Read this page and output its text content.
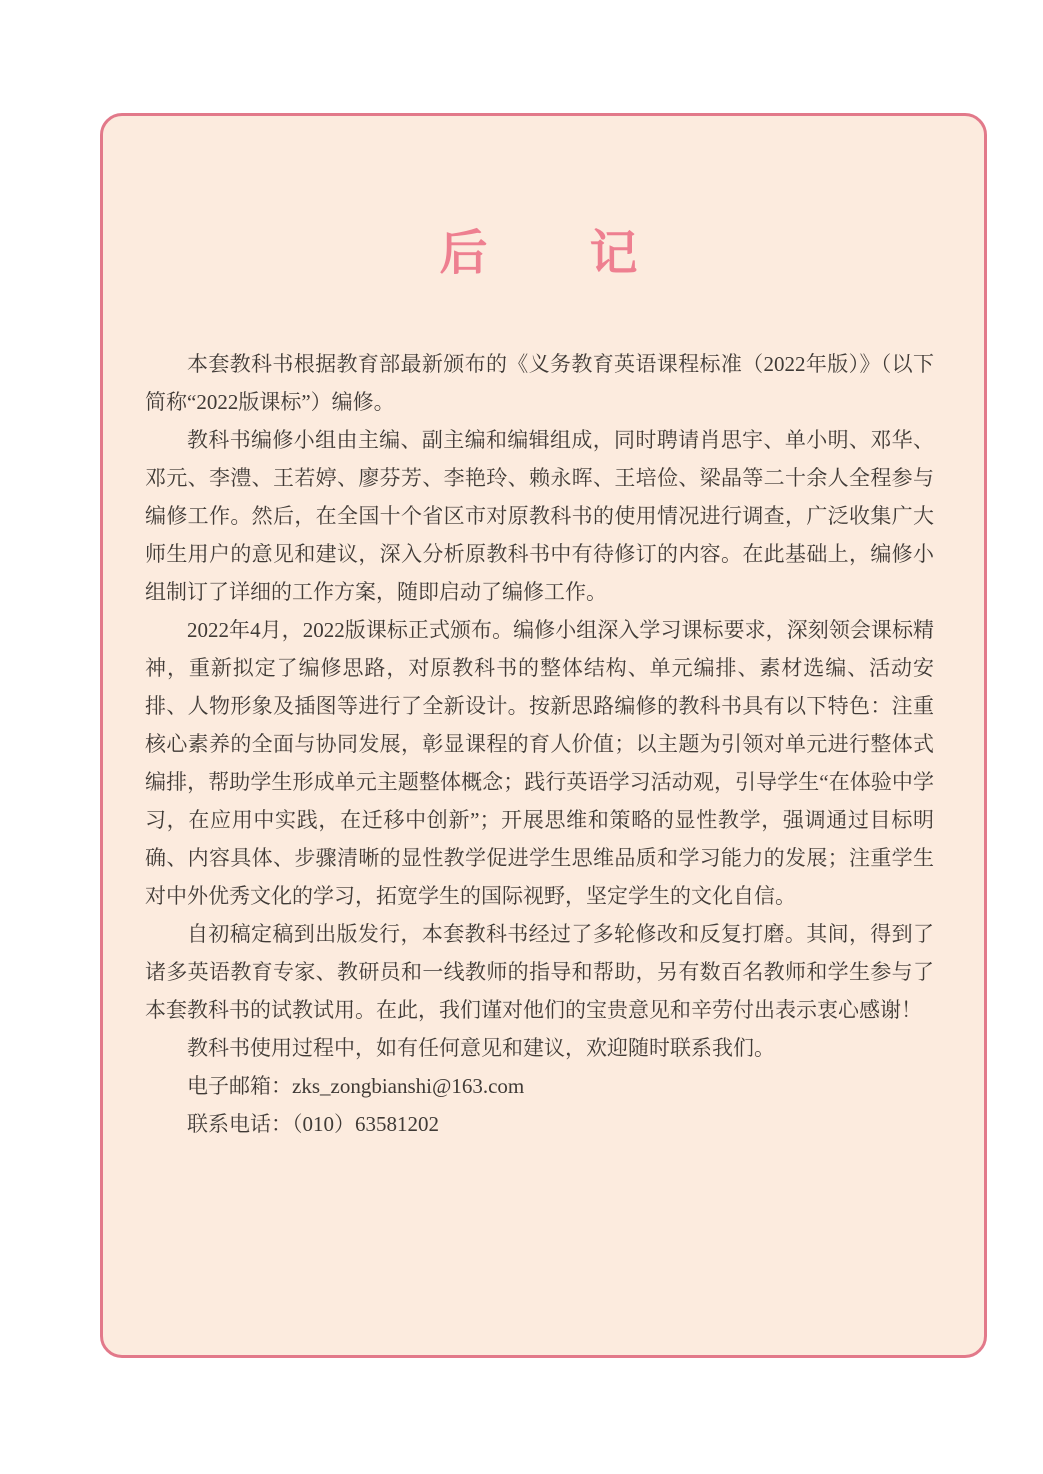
后　　记

本套教科书根据教育部最新颁布的《义务教育英语课程标准（2022年版）》（以下简称“2022版课标”）编修。

教科书编修小组由主编、副主编和编辑组成，同时聘请肖思宇、单小明、邓华、邓元、李澧、王若婷、廖芬芳、李艳玲、赖永晖、王培俭、梁晶等二十余人全程参与编修工作。然后，在全国十个省区市对原教科书的使用情况进行调查，广泛收集广大师生用户的意见和建议，深入分析原教科书中有待修订的内容。在此基础上，编修小组制订了详细的工作方案，随即启动了编修工作。

2022年4月，2022版课标正式颁布。编修小组深入学习课标要求，深刻领会课标精神，重新拟定了编修思路，对原教科书的整体结构、单元编排、素材选编、活动安排、人物形象及插图等进行了全新设计。按新思路编修的教科书具有以下特色：注重核心素养的全面与协同发展，彰显课程的育人价值；以主题为引领对单元进行整体式编排，帮助学生形成单元主题整体概念；践行英语学习活动观，引导学生“在体验中学习，在应用中实践，在迁移中创新”；开展思维和策略的显性教学，强调通过目标明确、内容具体、步骤清晰的显性教学促进学生思维品质和学习能力的发展；注重学生对中外优秀文化的学习，拓宽学生的国际视野，坚定学生的文化自信。

自初稿定稿到出版发行，本套教科书经过了多轮修改和反复打磨。其间，得到了诸多英语教育专家、教研员和一线教师的指导和帮助，另有数百名教师和学生参与了本套教科书的试教试用。在此，我们谨对他们的宝贵意见和辛劳付出表示衷心感谢！

教科书使用过程中，如有任何意见和建议，欢迎随时联系我们。

电子邮箱：zks_zongbianshi@163.com

联系电话：（010）63581202
